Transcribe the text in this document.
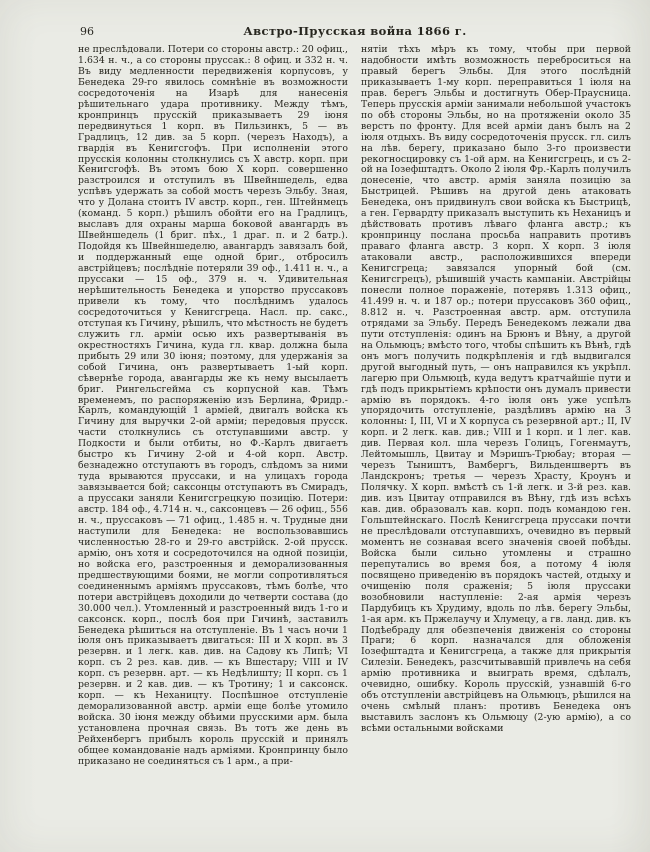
96	Австро-Прусская война 1866 г.
не преслѣдовали. Потери со стороны австр.: 20 офиц., 1.634 н. ч., а со стороны пруссак.: 8 офиц. и 332 н. ч. Въ виду медленности передвиженія корпусовъ, у Бенедека 29-го явилось сомнѣніе въ возможности сосредоточенія на Изарѣ для нанесенія рѣшительнаго удара противнику. Между тѣмъ, кронпринцъ прусскій приказываетъ 29 іюня передвинуться 1 корп. въ Пильзинкъ, 5 — въ Градлицъ, 12 див. за 5 корп. (черезъ Находъ), а гвардія въ Кенигсгофъ. При исполненіи этого прусскія колонны столкнулись съ X австр. корп. при Кенигсгофѣ. Въ этомъ бою X корп. совершенно разстроился и отступилъ въ Швейншедель, едва успѣвъ удержать за собой мостъ черезъ Эльбу. Зная, что у Долана стоитъ IV австр. корп., ген. Штейнмецъ (команд. 5 корп.) рѣшилъ обойти его на Градлицъ, выславъ для охраны марша боковой авангардъ въ Швейншедель (1 бриг. пѣх., 1 драг. п. и 2 батр.). Подойдя къ Швейншеделю, авангардъ завязалъ бой, и поддержанный еще одной бриг., отбросилъ австрійцевъ; послѣдніе потеряли 39 оф., 1.411 н. ч., а пруссаки — 15 оф., 379 н. ч. Удивительная нерѣшительность Бенедека и упорство пруссаковъ привели къ тому, что послѣднимъ удалось сосредоточиться у Кенигсгреца. Насл. пр. сакс., отступая къ Гичину, рѣшилъ, что мѣстность не будетъ служить гл. арміи осью ихъ развертыванія въ окрестностяхъ Гичина, куда гл. квар. должна была прибыть 29 или 30 іюня; поэтому, для удержанія за собой Гичина, онъ развертываетъ 1-ый корп. сѣвернѣе города, авангарды же къ нему высылаетъ бриг. Рингельсгейма съ корпусной кав. Тѣмъ временемъ, по распоряженію изъ Берлина, Фридр.-Карлъ, командующій 1 арміей, двигалъ войска къ Гичину для выручки 2-ой арміи; передовыя прусск. части столкнулись съ отступавшими австр. у Подкости и были отбиты, но Ф.-Карлъ двигаетъ быстро къ Гичину 2-ой и 4-ой корп. Австр. безнадежно отступаютъ въ городъ, слѣдомъ за ними туда врываются пруссаки, и на улицахъ города завязывается бой; саксонцы отступаютъ въ Смирадъ, а пруссаки заняли Кенигсгрецкую позицію. Потери: австр. 184 оф., 4.714 н. ч., саксонцевъ — 26 офиц., 556 н. ч., пруссаковъ — 71 офиц., 1.485 н. ч. Трудные дни наступили для Бенедека: не воспользовавшись численностью 28-го и 29-го австрійск. 2-ой прусск. армію, онъ хотя и сосредоточился на одной позиціи, но войска его, разстроенныя и деморализованныя предшествующими боями, не могли сопротивляться соединеннымъ арміямъ пруссаковъ, тѣмъ болѣе, что потери австрійцевъ доходили до четверти состава (до 30.000 чел.). Утомленный и разстроенный видъ 1-го и саксонск. корп., послѣ боя при Гичинѣ, заставилъ Бенедека рѣшиться на отступленіе. Въ 1 часъ ночи 1 іюля онъ приказываетъ двигаться: III и X корп. въ 3 резервн. и 1 легк. кав. див. на Садову къ Липѣ; VI корп. съ 2 рез. кав. див. — къ Вшестару; VIII и IV корп. съ резервн. арт. — къ Недѣлишту; II корп. съ 1 резервн. и 2 кав. див. — къ Тротину; 1 и саксонск. корп. — къ Неханицту. Поспѣшное отступленіе деморализованной австр. арміи еще болѣе утомило войска. 30 іюня между обѣими прусскими арм. была установлена прочная связь. Въ тотъ же день въ Рейхенбергъ прибылъ король прусскій и принялъ общее командованіе надъ арміями. Кронпринцу было приказано не соединяться съ 1 арм., а при-
нятіи тѣхъ мѣръ къ тому, чтобы при первой надобности имѣть возможность переброситься на правый берегъ Эльбы. Для этого послѣдній приказываетъ 1-му корп. переправиться 1 іюля на прав. берегъ Эльбы и достигнуть Обер-Праусница. Теперь прусскія арміи занимали небольшой участокъ по обѣ стороны Эльбы, но на протяженіи около 35 верстъ по фронту. Для всей арміи данъ былъ на 2 іюля отдыхъ. Въ виду сосредоточенія прусск. гл. силъ на лѣв. берегу, приказано было 3-го произвести рекогносцировку съ 1-ой арм. на Кенигсгрецъ, и съ 2-ой на Іозефштадтъ. Около 2 іюля Фр.-Карлъ получилъ донесеніе, что австр. армія заняла позицію за Быстрицей. Рѣшивъ на другой день атаковать Бенедека, онъ придвинулъ свои войска къ Быстрицѣ, а ген. Гервардту приказалъ выступить къ Неханицъ и дѣйствовать противъ лѣваго фланга австр.; къ кронпринцу послана просьба направить противъ праваго фланга австр. 3 корп. X корп. 3 іюля атаковали австр., расположившихся впереди Кенигсгреца; завязался упорный бой (см. Кенигсгрецъ), рѣшившій участь кампаніи. Австрійцы понесли полное пораженіе, потерявъ 1.313 офиц., 41.499 н. ч. и 187 ор.; потери пруссаковъ 360 офиц., 8.812 н. ч. Разстроенная австр. арм. отступила отрядами за Эльбу. Передъ Бенедекомъ лежали два пути отступленія: одинъ на Брюнъ и Вѣну, а другой на Ольмюцъ; вмѣсто того, чтобы спѣшить къ Вѣнѣ, гдѣ онъ могъ получить подкрѣпленія и гдѣ выдвигался другой выгодный путь, — онъ направился къ укрѣпл. лагерю при Ольмюцѣ, куда ведутъ кратчайшіе пути и гдѣ подъ прикрытіемъ крѣпости онъ думалъ привести армію въ порядокъ. 4-го іюля онъ уже успѣлъ упорядочить отступленіе, раздѣливъ армію на 3 колонны: I, III, VI и X корпуса съ резервной арт.; II, IV корп. и 2 легк. кав. див.; VIII и 1 корп. и 1 лег. кав. див. Первая кол. шла черезъ Голицъ, Гогенмаутъ, Лейтомышль, Цвитау и Мэришъ-Трюбау; вторая — черезъ Тыништъ, Вамбергъ, Вильденшвертъ въ Ландскронъ; третья — черезъ Храсту, Кроунъ и Полячку. Х корп. вмѣстѣ съ 1-й легк. и 3-й рез. кав. див. изъ Цвитау отправился въ Вѣну, гдѣ изъ всѣхъ кав. див. образовалъ кав. корп. подъ командою ген. Гольштейнскаго. Послѣ Кенигсгреца пруссаки почти не преслѣдовали отступавшихъ, очевидно въ первый моментъ не сознавая всего значенія своей побѣды. Войска были сильно утомлены и страшно перепутались во время боя, а потому 4 іюля посвящено приведенію въ порядокъ частей, отдыху и очищенію поля сраженія; 5 іюля пруссаки возобновили наступленіе: 2-ая армія черезъ Пардубицъ къ Хрудиму, вдоль по лѣв. берегу Эльбы, 1-ая арм. къ Пржелаучу и Хлумецу, а гв. ланд. див. къ Подѣебраду для обезпеченія движенія со стороны Праги; 6 корп. назначался для обложенія Іозефштадта и Кенигсгреца, а также для прикрытія Силезіи. Бенедекъ, разсчитывавшій привлечь на себя армію противника и выиграть время, сдѣлалъ, очевидно, ошибку. Король прусскій, узнавшій 6-го объ отступленіи австрійцевъ на Ольмюцъ, рѣшился на очень смѣлый планъ: противъ Бенедека онъ выставилъ заслонъ къ Ольмюцу (2-ую армію), а со всѣми остальными войсками
